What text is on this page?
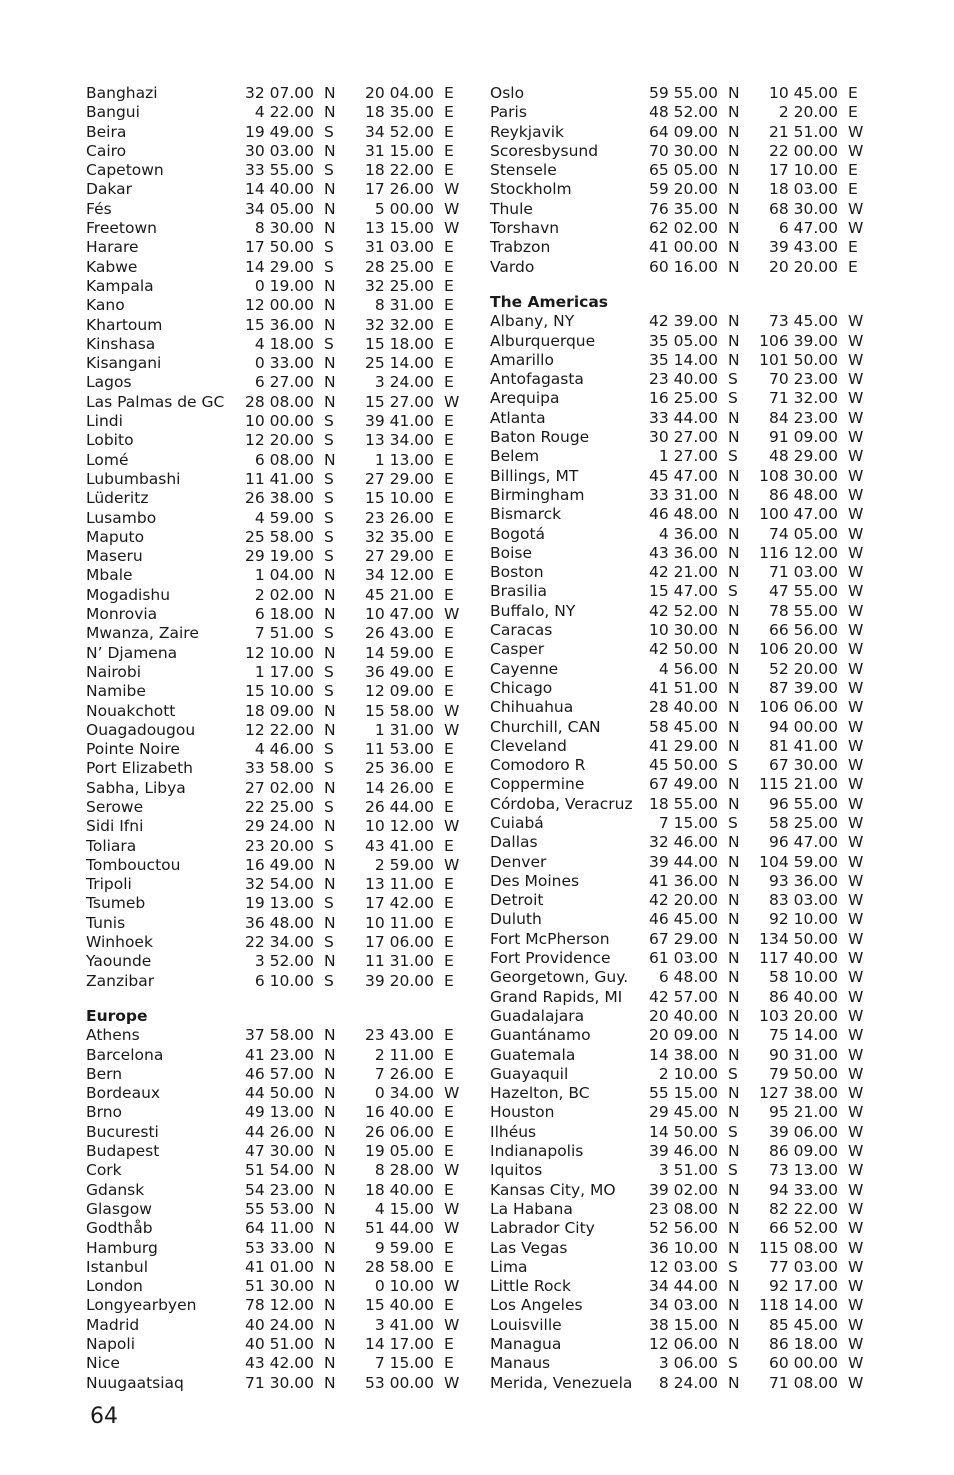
Banghazi	32 07.00 N 20 04.00 E
Bangui	4 22.00 N 18 35.00 E
Beira	19 49.00 S 34 52.00 E
Cairo	30 03.00 N 31 15.00 E
Capetown	33 55.00 S 18 22.00 E
Dakar	14 40.00 N 17 26.00 W
Fés	34 05.00 N	5 00.00 W
Freetown	8 30.00 N 13 15.00 W
Harare	17 50.00 S 31 03.00 E
Kabwe	14 29.00 S 28 25.00 E
Kampala	0 19.00 N 32 25.00 E
Kano	12 00.00 N	8 31.00 E
Khartoum	15 36.00 N 32 32.00 E
Kinshasa	4 18.00 S 15 18.00 E
Kisangani	0 33.00 N 25 14.00 E
Lagos	6 27.00 N	3 24.00 E
Las Palmas de GC 28 08.00 N 15 27.00 W
Lindi	10 00.00 S 39 41.00 E
Lobito	12 20.00 S 13 34.00 E
Lomé	6 08.00 N	1 13.00 E
Lubumbashi	11 41.00 S 27 29.00 E
Lüderitz	26 38.00 S 15 10.00 E
Lusambo	4 59.00 S 23 26.00 E
Maputo	25 58.00 S 32 35.00 E
Maseru	29 19.00 S 27 29.00 E
Mbale	1 04.00 N 34 12.00 E
Mogadishu	2 02.00 N 45 21.00 E
Monrovia	6 18.00 N 10 47.00 W
Mwanza, Zaire	7 51.00 S 26 43.00 E
N’ Djamena	12 10.00 N 14 59.00 E
Nairobi	1 17.00 S 36 49.00 E
Namibe	15 10.00 S 12 09.00 E
Nouakchott	18 09.00 N 15 58.00 W
Ouagadougou	12 22.00 N	1 31.00 W
Pointe Noire	4 46.00 S 11 53.00 E
Port Elizabeth	33 58.00 S 25 36.00 E
Sabha, Libya	27 02.00 N 14 26.00 E
Serowe	22 25.00 S 26 44.00 E
Sidi Ifni	29 24.00 N 10 12.00 W
Toliara	23 20.00 S 43 41.00 E
Tombouctou	16 49.00 N	2 59.00 W
Tripoli	32 54.00 N 13 11.00 E
Tsumeb	19 13.00 S 17 42.00 E
Tunis	36 48.00 N 10 11.00 E
Winhoek	22 34.00 S 17 06.00 E
Yaounde	3 52.00 N 11 31.00 E
Zanzibar	6 10.00 S 39 20.00 E
Europe
Athens	37 58.00 N 23 43.00 E
Barcelona	41 23.00 N	2 11.00 E
Bern	46 57.00 N	7 26.00 E
Bordeaux	44 50.00 N	0 34.00 W
Brno	49 13.00 N 16 40.00 E
Bucuresti	44 26.00 N 26 06.00 E
Budapest	47 30.00 N 19 05.00 E
Cork	51 54.00 N	8 28.00 W
Gdansk	54 23.00 N 18 40.00 E
Glasgow	55 53.00 N	4 15.00 W
Godthåb	64 11.00 N 51 44.00 W
Hamburg	53 33.00 N	9 59.00 E
Istanbul	41 01.00 N 28 58.00 E
London	51 30.00 N	0 10.00 W
Longyearbyen	78 12.00 N 15 40.00 E
Madrid	40 24.00 N	3 41.00 W
Napoli	40 51.00 N 14 17.00 E
Nice	43 42.00 N	7 15.00 E
Nuugaatsiaq	71 30.00 N 53 00.00 W
Oslo	59 55.00 N 10 45.00 E
Paris	48 52.00 N	2 20.00 E
Reykjavik	64 09.00 N 21 51.00 W
Scoresbysund	70 30.00 N 22 00.00 W
Stensele	65 05.00 N 17 10.00 E
Stockholm	59 20.00 N 18 03.00 E
Thule	76 35.00 N 68 30.00 W
Torshavn	62 02.00 N	6 47.00 W
Trabzon	41 00.00 N 39 43.00 E
Vardo	60 16.00 N 20 20.00 E
The Americas
Albany, NY	42 39.00 N 73 45.00 W
Alburquerque	35 05.00 N 106 39.00 W
Amarillo	35 14.00 N 101 50.00 W
Antofagasta	23 40.00 S 70 23.00 W
Arequipa	16 25.00 S 71 32.00 W
Atlanta	33 44.00 N 84 23.00 W
Baton Rouge	30 27.00 N 91 09.00 W
Belem	1 27.00 S 48 29.00 W
Billings, MT	45 47.00 N 108 30.00 W
Birmingham	33 31.00 N 86 48.00 W
Bismarck	46 48.00 N 100 47.00 W
Bogotá	4 36.00 N 74 05.00 W
Boise	43 36.00 N 116 12.00 W
Boston	42 21.00 N 71 03.00 W
Brasilia	15 47.00 S 47 55.00 W
Buffalo, NY	42 52.00 N 78 55.00 W
Caracas	10 30.00 N 66 56.00 W
Casper	42 50.00 N 106 20.00 W
Cayenne	4 56.00 N 52 20.00 W
Chicago	41 51.00 N 87 39.00 W
Chihuahua	28 40.00 N 106 06.00 W
Churchill, CAN	58 45.00 N 94 00.00 W
Cleveland	41 29.00 N 81 41.00 W
Comodoro R	45 50.00 S 67 30.00 W
Coppermine	67 49.00 N 115 21.00 W
Córdoba, Veracruz 18 55.00 N 96 55.00 W
Cuiabá	7 15.00 S 58 25.00 W
Dallas	32 46.00 N 96 47.00 W
Denver	39 44.00 N 104 59.00 W
Des Moines	41 36.00 N 93 36.00 W
Detroit	42 20.00 N 83 03.00 W
Duluth	46 45.00 N 92 10.00 W
Fort McPherson	67 29.00 N 134 50.00 W
Fort Providence 61 03.00 N 117 40.00 W
Georgetown, Guy. 6 48.00 N 58 10.00 W
Grand Rapids, MI 42 57.00 N 86 40.00 W
Guadalajara	20 40.00 N 103 20.00 W
Guantánamo	20 09.00 N 75 14.00 W
Guatemala	14 38.00 N 90 31.00 W
Guayaquil	2 10.00 S 79 50.00 W
Hazelton, BC	55 15.00 N 127 38.00 W
Houston	29 45.00 N 95 21.00 W
Ilhéus	14 50.00 S 39 06.00 W
Indianapolis	39 46.00 N 86 09.00 W
Iquitos	3 51.00 S 73 13.00 W
Kansas City, MO 39 02.00 N 94 33.00 W
La Habana	23 08.00 N 82 22.00 W
Labrador City	52 56.00 N 66 52.00 W
Las Vegas	36 10.00 N 115 08.00 W
Lima	12 03.00 S 77 03.00 W
Little Rock	34 44.00 N 92 17.00 W
Los Angeles	34 03.00 N 118 14.00 W
Louisville	38 15.00 N 85 45.00 W
Managua	12 06.00 N 86 18.00 W
Manaus	3 06.00 S 60 00.00 W
Merida, Venezuela 8 24.00 N 71 08.00 W
64
